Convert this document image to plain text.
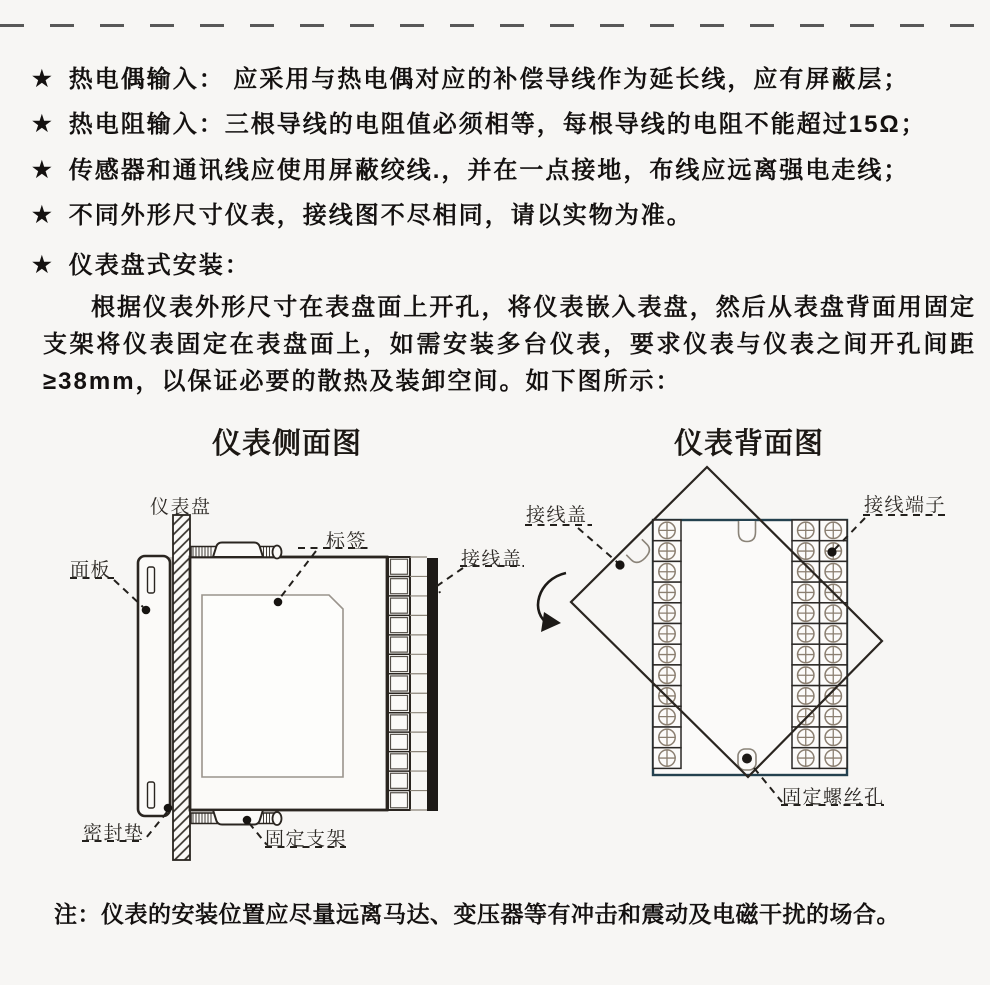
★ 热电偶输入： 应采用与热电偶对应的补偿导线作为延长线，应有屏蔽层；
★ 热电阻输入：三根导线的电阻值必须相等，每根导线的电阻不能超过15Ω；
★ 传感器和通讯线应使用屏蔽绞线.，并在一点接地，布线应远离强电走线；
★ 不同外形尺寸仪表，接线图不尽相同，请以实物为准。
★ 仪表盘式安装：
根据仪表外形尺寸在表盘面上开孔，将仪表嵌入表盘，然后从表盘背面用固定支架将仪表固定在表盘面上，如需安装多台仪表，要求仪表与仪表之间开孔间距≥38mm，以保证必要的散热及装卸空间。如下图所示：
仪表侧面图	仪表背面图
仪表盘
面板
标签
接线盖
密封垫	固定支架
接线盖	接线端子
固定螺丝孔
注：仪表的安装位置应尽量远离马达、变压器等有冲击和震动及电磁干扰的场合。
